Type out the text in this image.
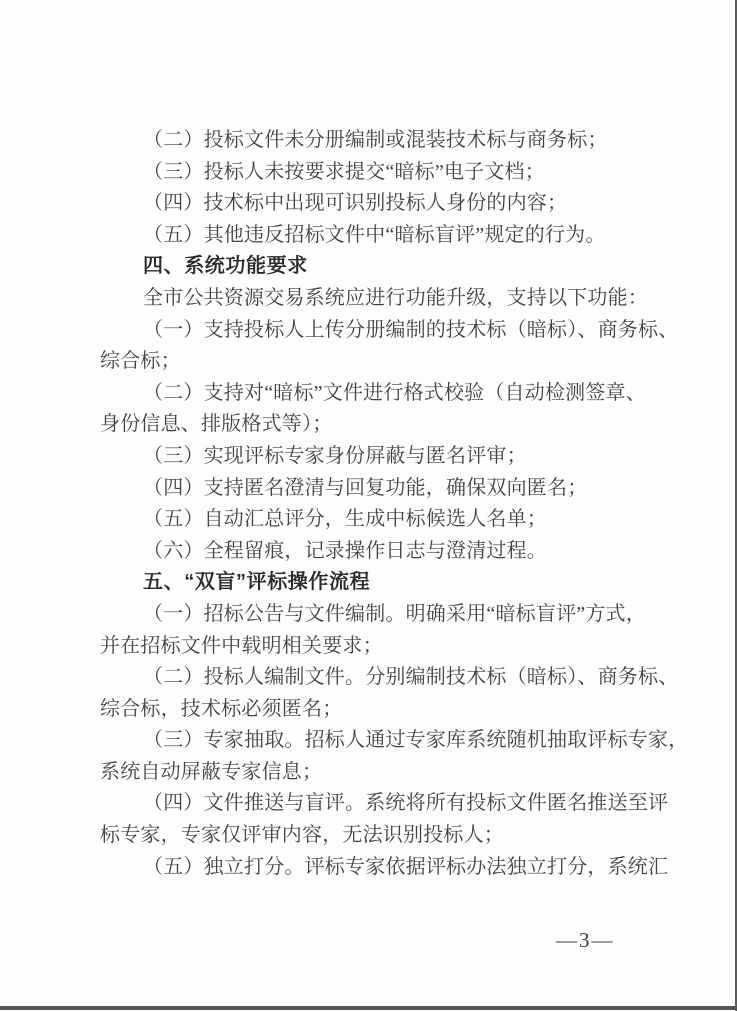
（二）投标文件未分册编制或混装技术标与商务标；
（三）投标人未按要求提交“暗标”电子文档；
（四）技术标中出现可识别投标人身份的内容；
（五）其他违反招标文件中“暗标盲评”规定的行为。
四、系统功能要求
全市公共资源交易系统应进行功能升级，支持以下功能：
（一）支持投标人上传分册编制的技术标（暗标）、商务标、
综合标；
（二）支持对“暗标”文件进行格式校验（自动检测签章、
身份信息、排版格式等）；
（三）实现评标专家身份屏蔽与匿名评审；
（四）支持匿名澄清与回复功能，确保双向匿名；
（五）自动汇总评分，生成中标候选人名单；
（六）全程留痕，记录操作日志与澄清过程。
五、“双盲”评标操作流程
（一）招标公告与文件编制。明确采用“暗标盲评”方式，
并在招标文件中载明相关要求；
（二）投标人编制文件。分别编制技术标（暗标）、商务标、
综合标，技术标必须匿名；
（三）专家抽取。招标人通过专家库系统随机抽取评标专家，
系统自动屏蔽专家信息；
（四）文件推送与盲评。系统将所有投标文件匿名推送至评
标专家，专家仅评审内容，无法识别投标人；
（五）独立打分。评标专家依据评标办法独立打分，系统汇
—3—
